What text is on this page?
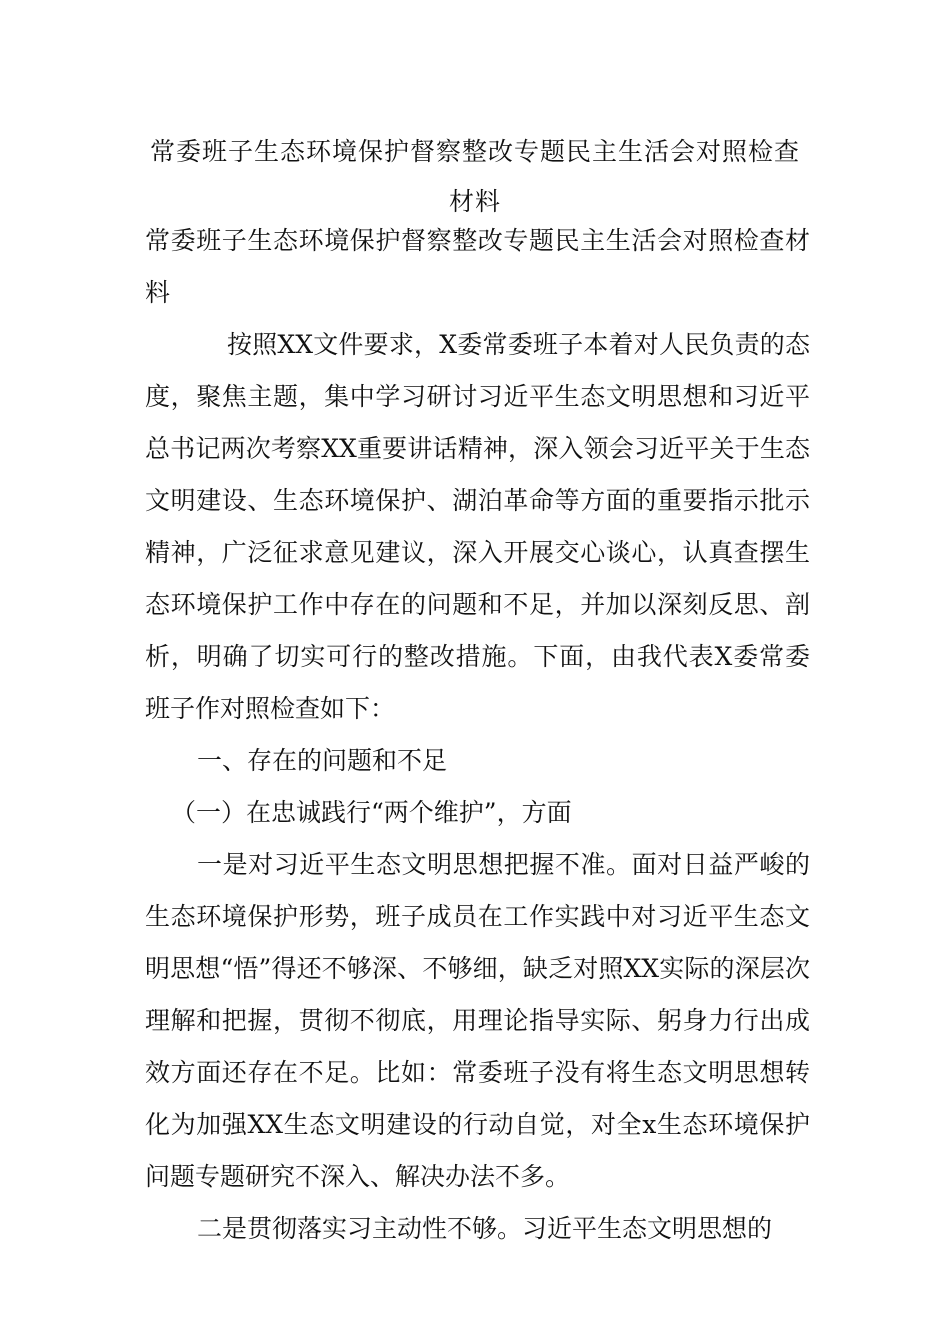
常委班子生态环境保护督察整改专题民主生活会对照检查
材料

常委班子生态环境保护督察整改专题民主生活会对照检查材料

按照XX文件要求，X委常委班子本着对人民负责的态度，聚焦主题，集中学习研讨习近平生态文明思想和习近平总书记两次考察XX重要讲话精神，深入领会习近平关于生态文明建设、生态环境保护、湖泊革命等方面的重要指示批示精神，广泛征求意见建议，深入开展交心谈心，认真查摆生态环境保护工作中存在的问题和不足，并加以深刻反思、剖析，明确了切实可行的整改措施。下面，由我代表X委常委班子作对照检查如下：

一、存在的问题和不足

（一）在忠诚践行“两个维护”，方面

一是对习近平生态文明思想把握不准。面对日益严峻的生态环境保护形势，班子成员在工作实践中对习近平生态文明思想“悟”得还不够深、不够细，缺乏对照XX实际的深层次理解和把握，贯彻不彻底，用理论指导实际、躬身力行出成效方面还存在不足。比如：常委班子没有将生态文明思想转化为加强XX生态文明建设的行动自觉，对全x生态环境保护问题专题研究不深入、解决办法不多。

二是贯彻落实习主动性不够。习近平生态文明思想的
